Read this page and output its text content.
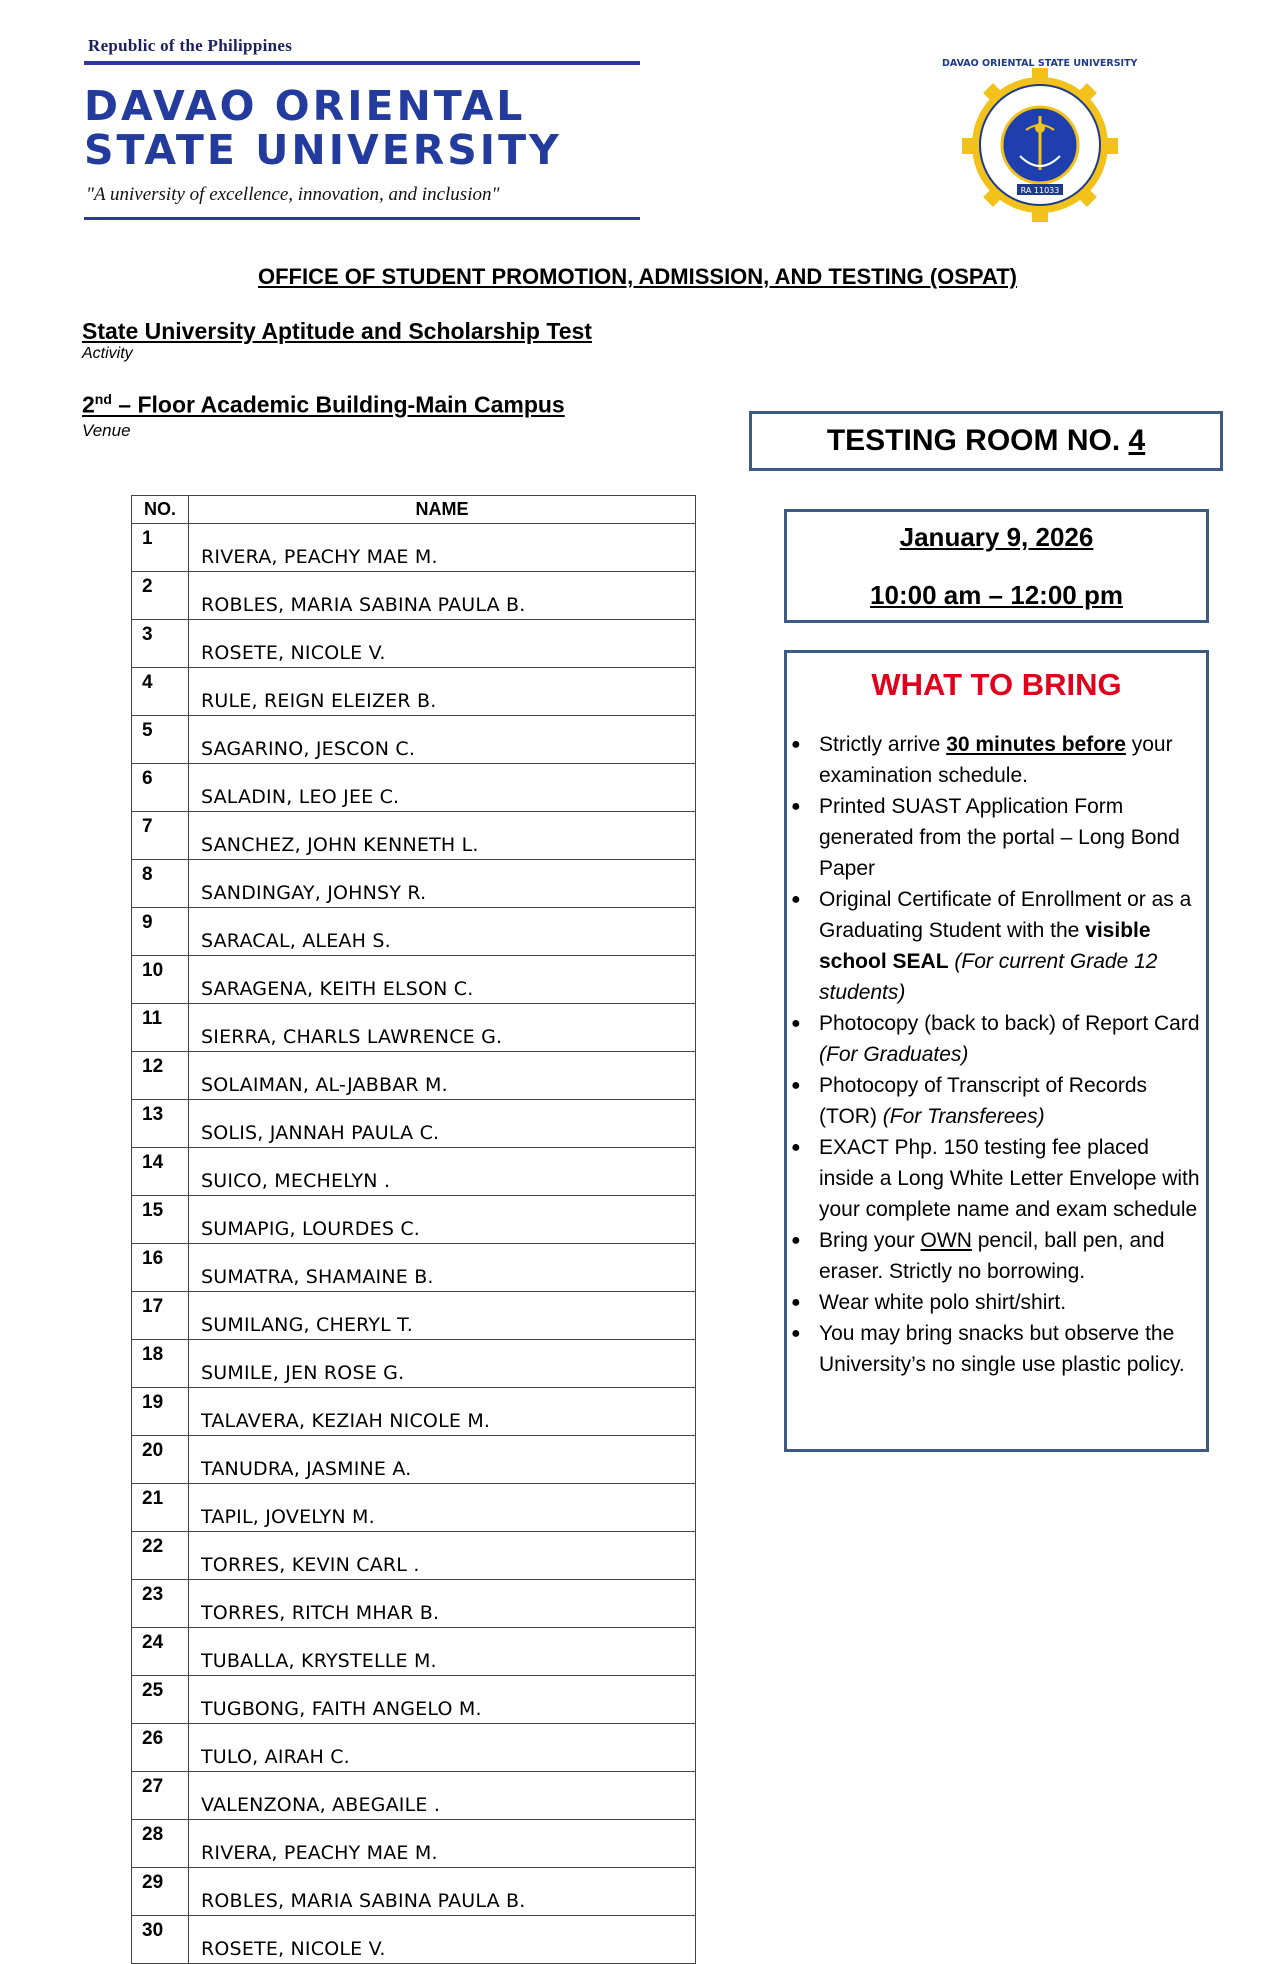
Republic of the Philippines
DAVAO ORIENTAL
STATE UNIVERSITY
"A university of excellence, innovation, and inclusion"
DAVAO ORIENTAL STATE UNIVERSITY
RA 11033
OFFICE OF STUDENT PROMOTION, ADMISSION, AND TESTING (OSPAT)
State University Aptitude and Scholarship Test
Activity
2nd – Floor Academic Building-Main Campus
Venue	TESTING ROOM NO. 4
January 9, 2026
10:00 am – 12:00 pm
WHAT TO BRING
● Strictly arrive 30 minutes before your examination schedule.
● Printed SUAST Application Form generated from the portal – Long Bond Paper
● Original Certificate of Enrollment or as a Graduating Student with the visible school SEAL (For current Grade 12 students)
● Photocopy (back to back) of Report Card (For Graduates)
● Photocopy of Transcript of Records (TOR) (For Transferees)
● EXACT Php. 150 testing fee placed inside a Long White Letter Envelope with your complete name and exam schedule
● Bring your OWN pencil, ball pen, and eraser. Strictly no borrowing.
● Wear white polo shirt/shirt.
● You may bring snacks but observe the University’s no single use plastic policy.
NO.	NAME
1	RIVERA, PEACHY MAE M.
2	ROBLES, MARIA SABINA PAULA B.
3	ROSETE, NICOLE V.
4	RULE, REIGN ELEIZER B.
5	SAGARINO, JESCON C.
6	SALADIN, LEO JEE C.
7	SANCHEZ, JOHN KENNETH L.
8	SANDINGAY, JOHNSY R.
9	SARACAL, ALEAH S.
10	SARAGENA, KEITH ELSON C.
11	SIERRA, CHARLS LAWRENCE G.
12	SOLAIMAN, AL-JABBAR M.
13	SOLIS, JANNAH PAULA C.
14	SUICO, MECHELYN .
15	SUMAPIG, LOURDES C.
16	SUMATRA, SHAMAINE B.
17	SUMILANG, CHERYL T.
18	SUMILE, JEN ROSE G.
19	TALAVERA, KEZIAH NICOLE M.
20	TANUDRA, JASMINE A.
21	TAPIL, JOVELYN M.
22	TORRES, KEVIN CARL .
23	TORRES, RITCH MHAR B.
24	TUBALLA, KRYSTELLE M.
25	TUGBONG, FAITH ANGELO M.
26	TULO, AIRAH C.
27	VALENZONA, ABEGAILE .
28	RIVERA, PEACHY MAE M.
29	ROBLES, MARIA SABINA PAULA B.
30	ROSETE, NICOLE V.
